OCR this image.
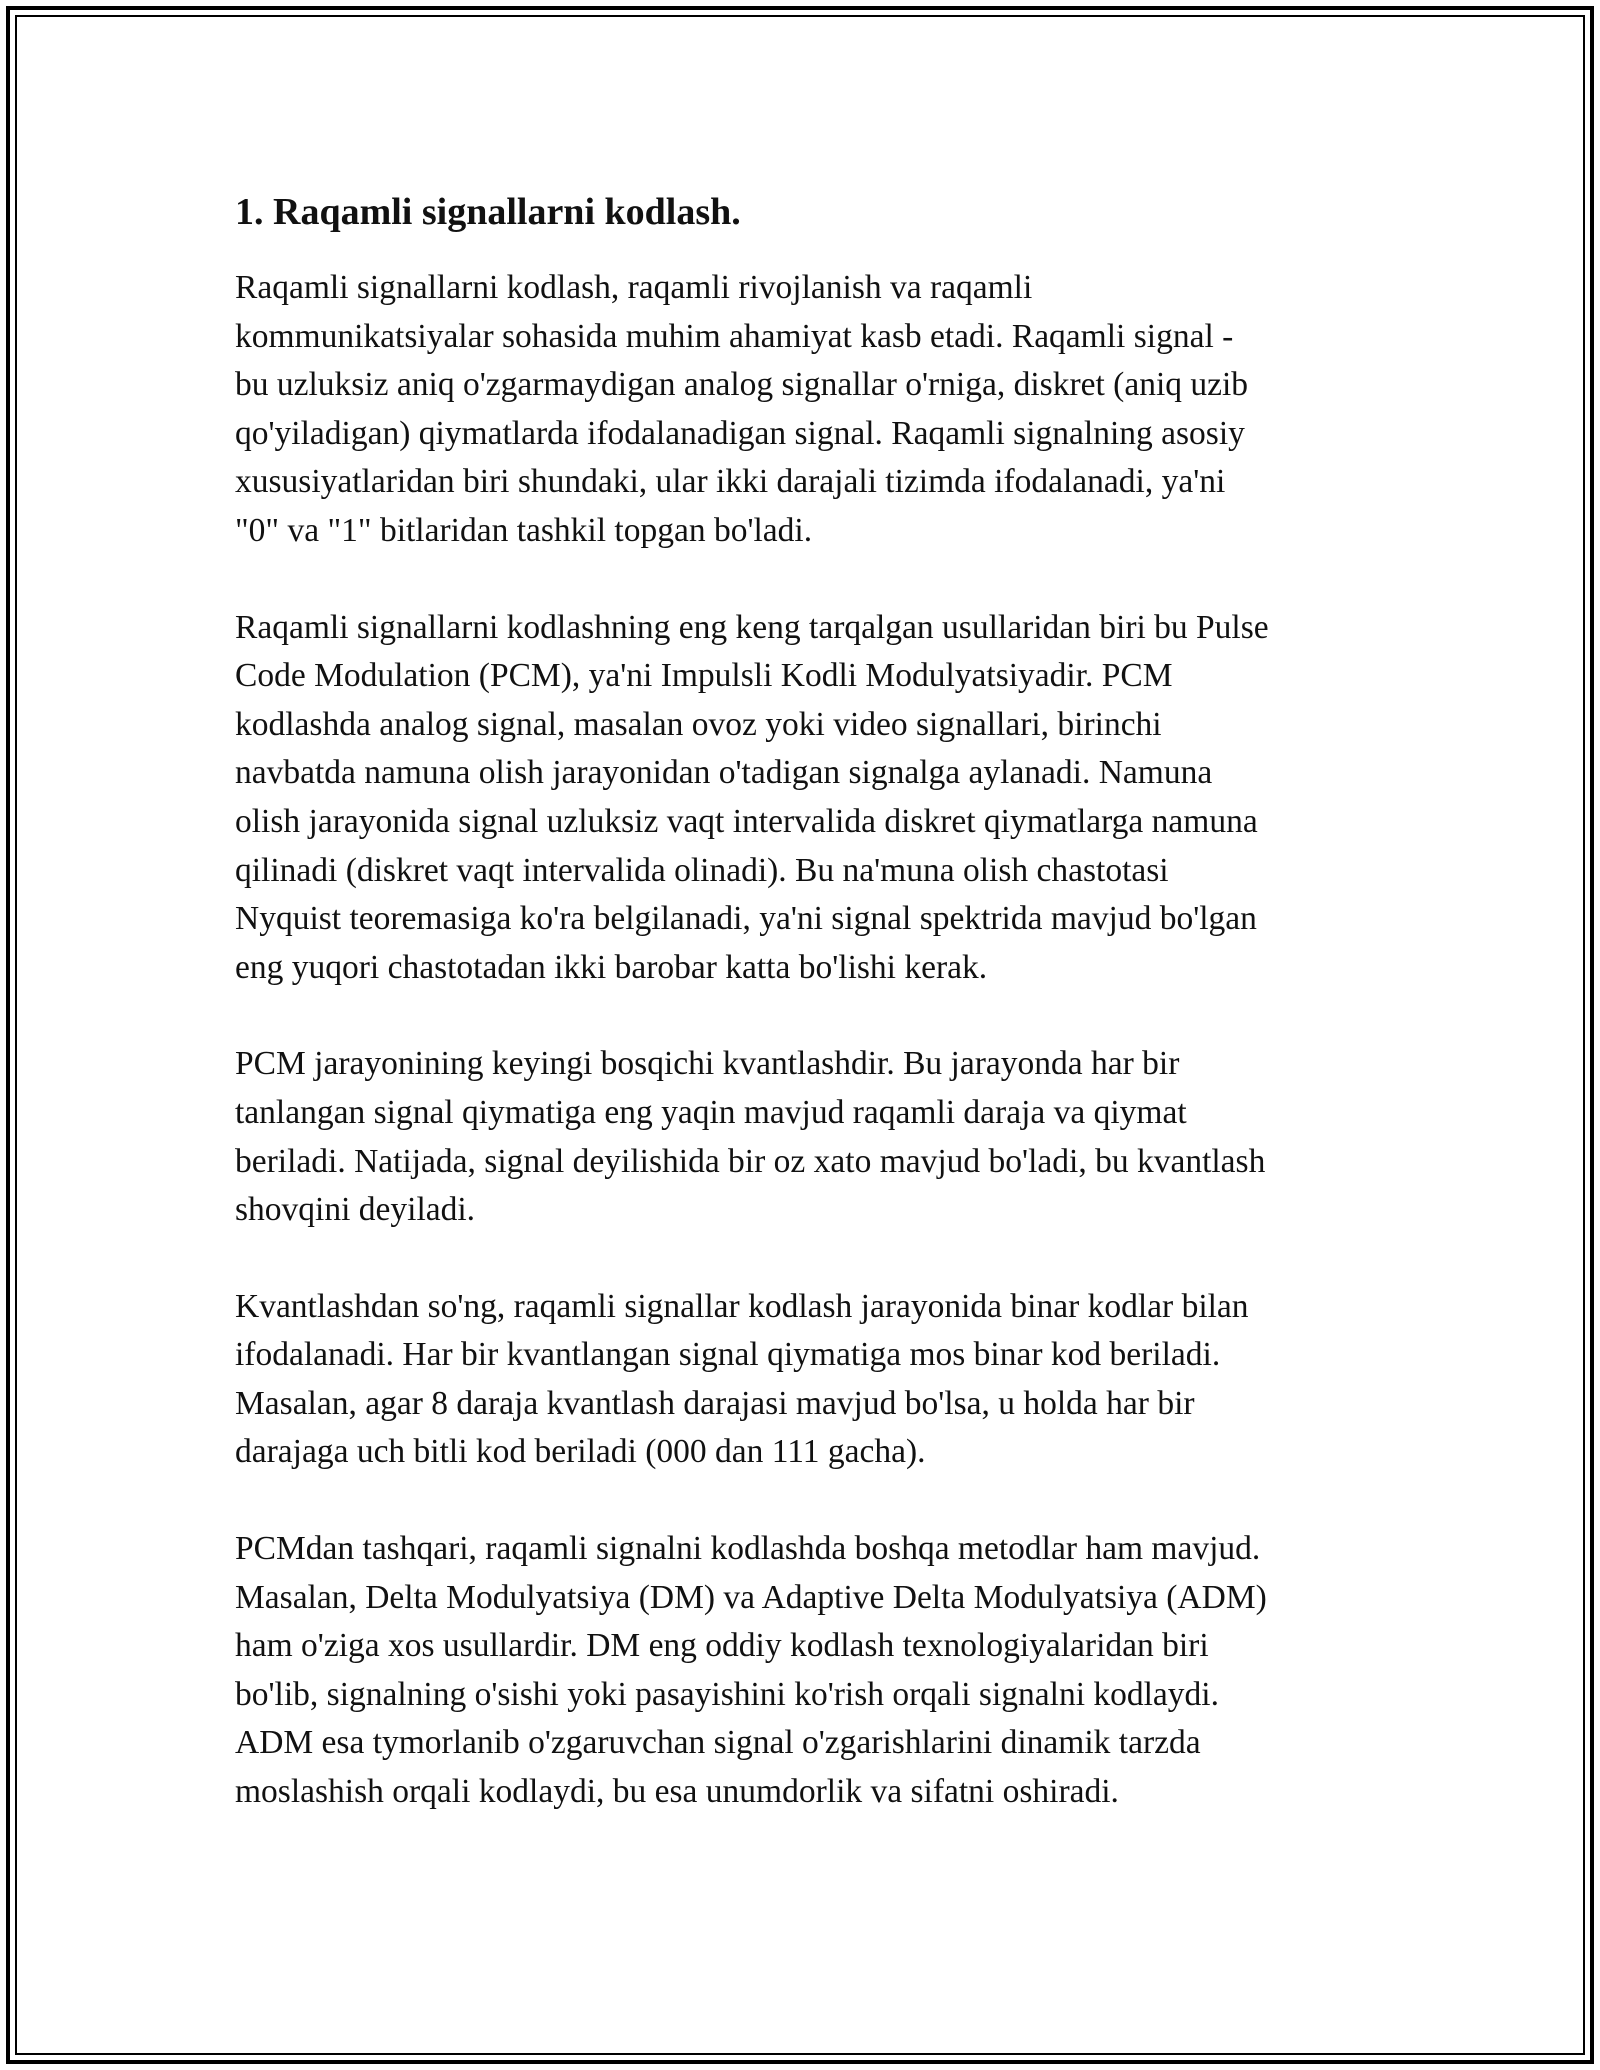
1. Raqamli signallarni kodlash.

Raqamli signallarni kodlash, raqamli rivojlanish va raqamli
kommunikatsiyalar sohasida muhim ahamiyat kasb etadi. Raqamli signal -
bu uzluksiz aniq o'zgarmaydigan analog signallar o'rniga, diskret (aniq uzib
qo'yiladigan) qiymatlarda ifodalanadigan signal. Raqamli signalning asosiy
xususiyatlaridan biri shundaki, ular ikki darajali tizimda ifodalanadi, ya'ni
"0" va "1" bitlaridan tashkil topgan bo'ladi.

Raqamli signallarni kodlashning eng keng tarqalgan usullaridan biri bu Pulse
Code Modulation (PCM), ya'ni Impulsli Kodli Modulyatsiyadir. PCM
kodlashda analog signal, masalan ovoz yoki video signallari, birinchi
navbatda namuna olish jarayonidan o'tadigan signalga aylanadi. Namuna
olish jarayonida signal uzluksiz vaqt intervalida diskret qiymatlarga namuna
qilinadi (diskret vaqt intervalida olinadi). Bu na'muna olish chastotasi
Nyquist teoremasiga ko'ra belgilanadi, ya'ni signal spektrida mavjud bo'lgan
eng yuqori chastotadan ikki barobar katta bo'lishi kerak.

PCM jarayonining keyingi bosqichi kvantlashdir. Bu jarayonda har bir
tanlangan signal qiymatiga eng yaqin mavjud raqamli daraja va qiymat
beriladi. Natijada, signal deyilishida bir oz xato mavjud bo'ladi, bu kvantlash
shovqini deyiladi.

Kvantlashdan so'ng, raqamli signallar kodlash jarayonida binar kodlar bilan
ifodalanadi. Har bir kvantlangan signal qiymatiga mos binar kod beriladi.
Masalan, agar 8 daraja kvantlash darajasi mavjud bo'lsa, u holda har bir
darajaga uch bitli kod beriladi (000 dan 111 gacha).

PCMdan tashqari, raqamli signalni kodlashda boshqa metodlar ham mavjud.
Masalan, Delta Modulyatsiya (DM) va Adaptive Delta Modulyatsiya (ADM)
ham o'ziga xos usullardir. DM eng oddiy kodlash texnologiyalaridan biri
bo'lib, signalning o'sishi yoki pasayishini ko'rish orqali signalni kodlaydi.
ADM esa tymorlanib o'zgaruvchan signal o'zgarishlarini dinamik tarzda
moslashish orqali kodlaydi, bu esa unumdorlik va sifatni oshiradi.
